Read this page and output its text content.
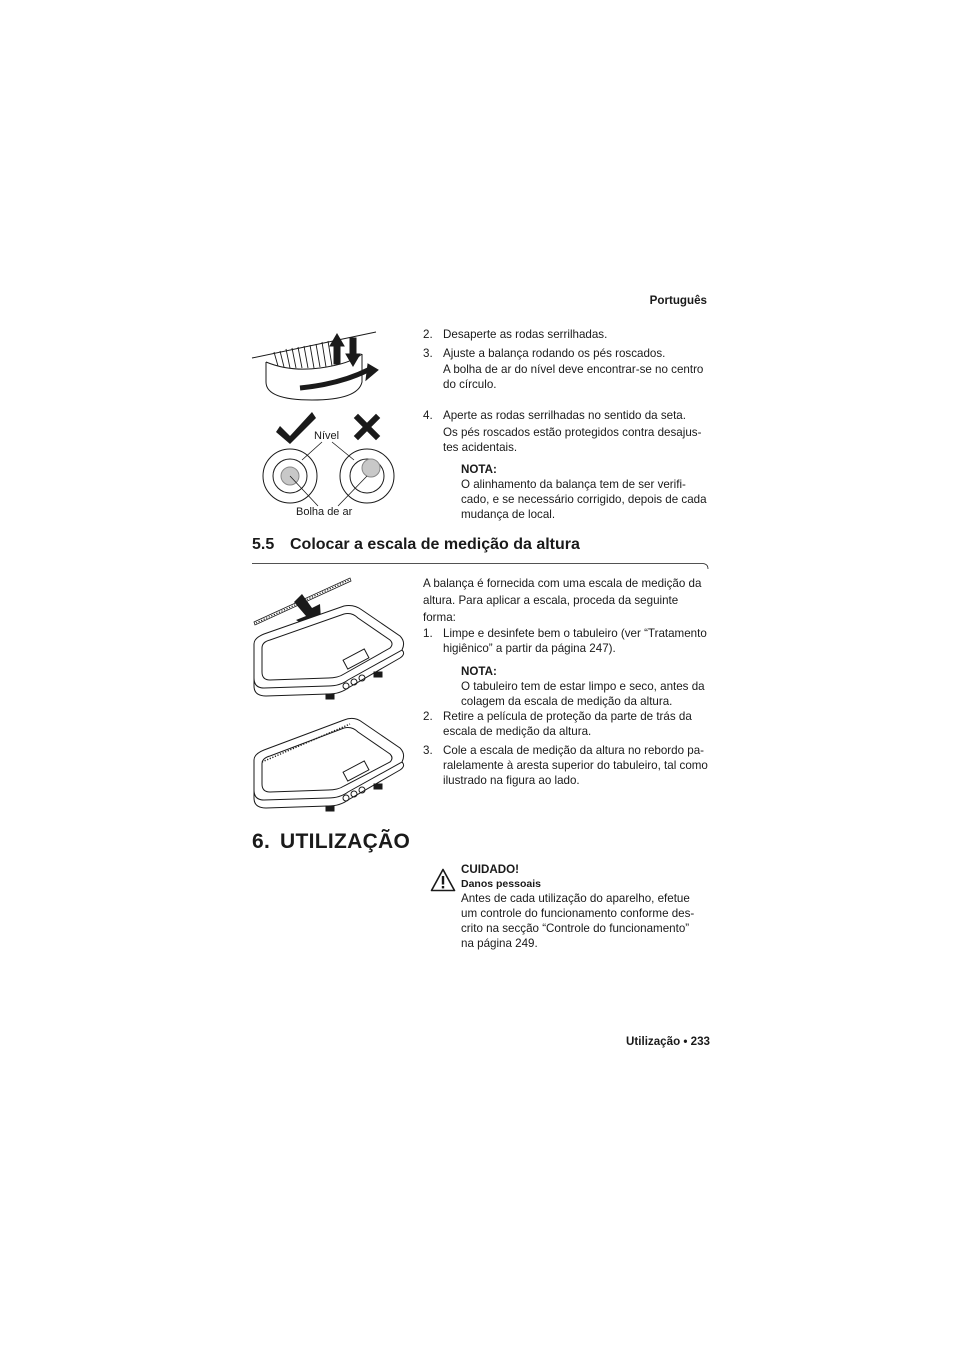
Português
Nível
Bolha de ar
2. Desaperte as rodas serrilhadas.
3. Ajuste a balança rodando os pés roscados.
A bolha de ar do nível deve encontrar-se no centro
do círculo.
4. Aperte as rodas serrilhadas no sentido da seta.
Os pés roscados estão protegidos contra desajus-
tes acidentais.
NOTA:
O alinhamento da balança tem de ser verifi-
cado, e se necessário corrigido, depois de cada
mudança de local.
5.5 Colocar a escala de medição da altura
A balança é fornecida com uma escala de medição da
altura. Para aplicar a escala, proceda da seguinte
forma:
1. Limpe e desinfete bem o tabuleiro (ver “Tratamento
higiênico” a partir da página 247).
NOTA:
O tabuleiro tem de estar limpo e seco, antes da
colagem da escala de medição da altura.
2. Retire a película de proteção da parte de trás da
escala de medição da altura.
3. Cole a escala de medição da altura no rebordo pa-
ralelamente à aresta superior do tabuleiro, tal como
ilustrado na figura ao lado.
6. UTILIZAÇÃO
CUIDADO!
Danos pessoais
Antes de cada utilização do aparelho, efetue
um controle do funcionamento conforme des-
crito na secção “Controle do funcionamento”
na página 249.
Utilização • 233
